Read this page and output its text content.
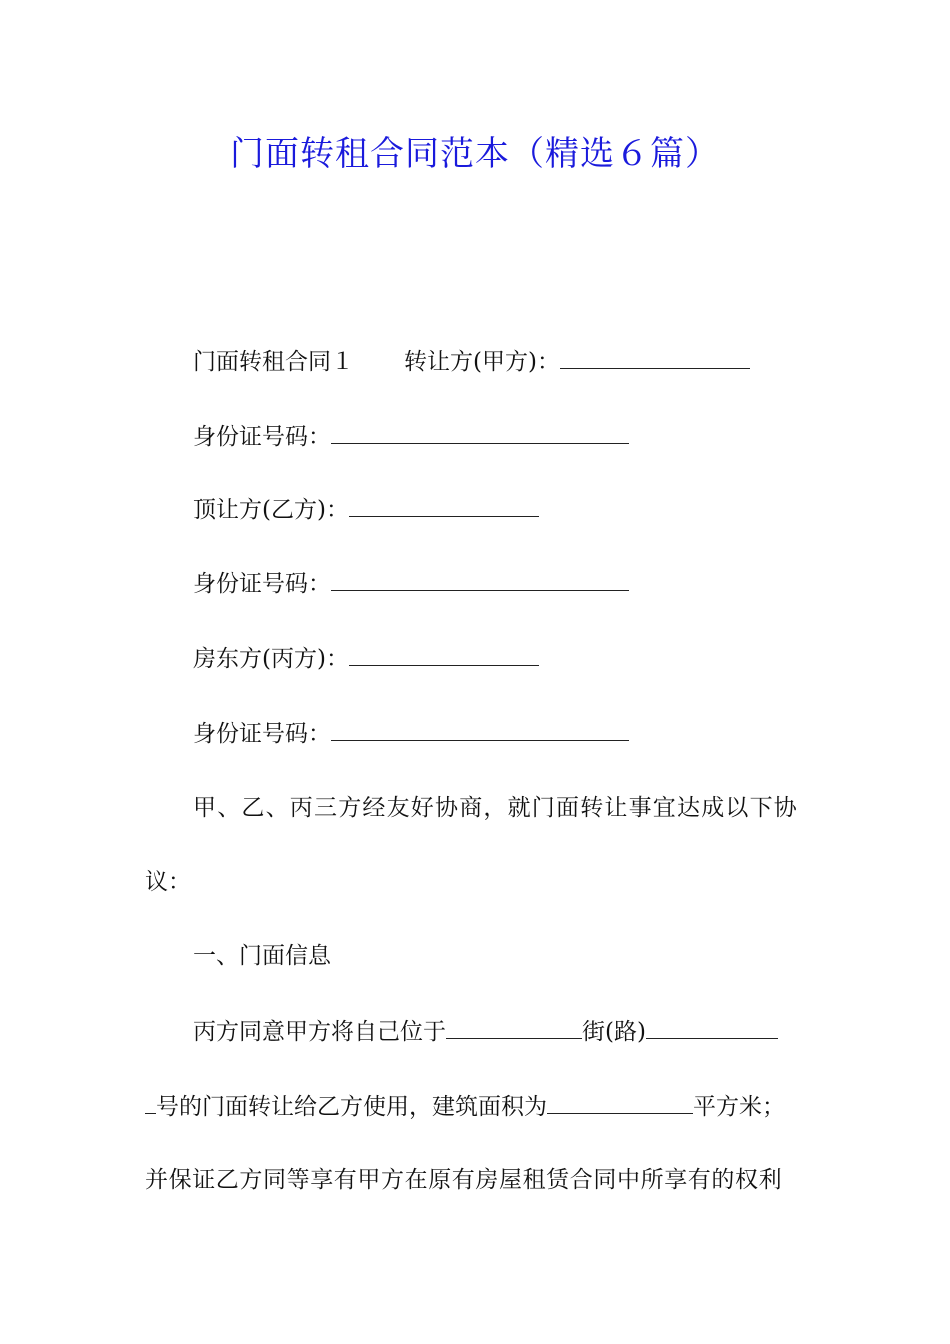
门面转租合同范本（精选６篇）
门面转租合同１ 转让方(甲方)：
身份证号码：
顶让方(乙方)：
身份证号码：
房东方(丙方)：
身份证号码：
甲、乙、丙三方经友好协商，就门面转让事宜达成以下协
议：
一、门面信息
丙方同意甲方将自己位于	街(路)
号的门面转让给乙方使用，建筑面积为	平方米；
并保证乙方同等享有甲方在原有房屋租赁合同中所享有的权利
